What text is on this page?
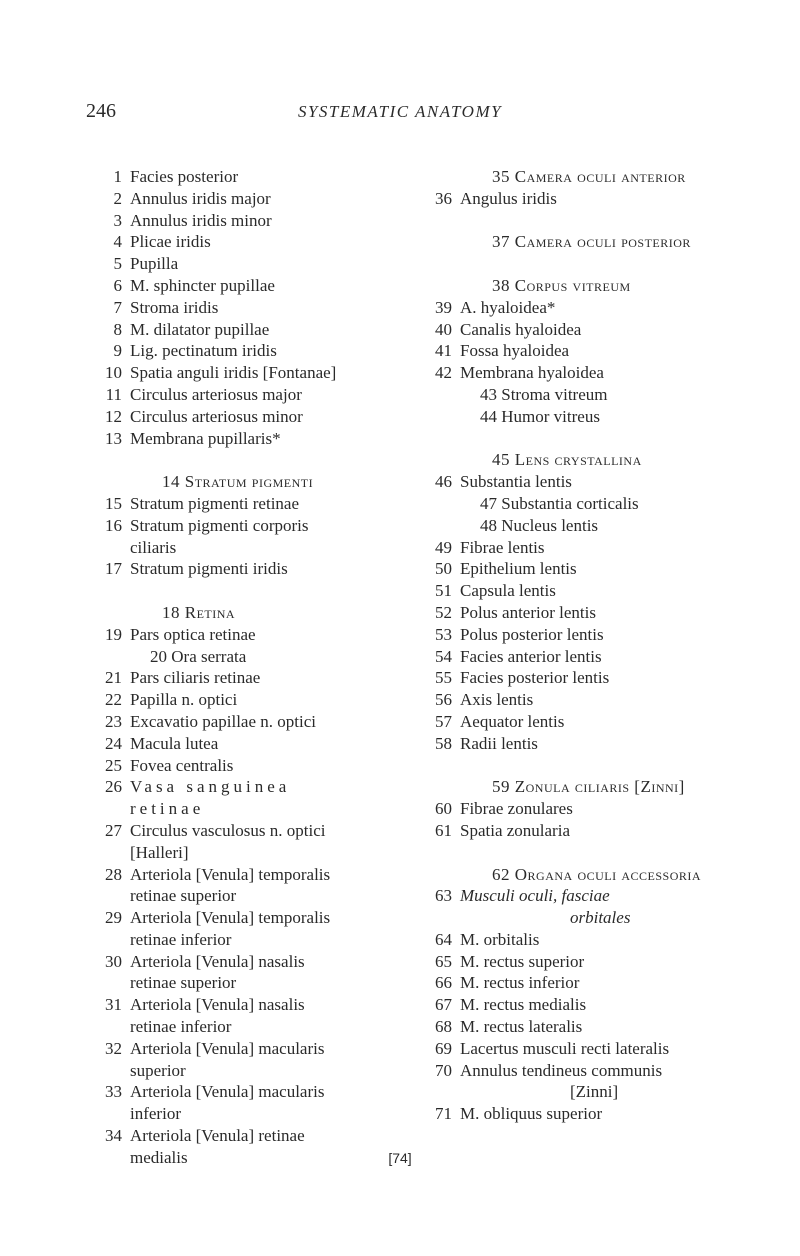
246	SYSTEMATIC ANATOMY
1 Facies posterior
2 Annulus iridis major
3 Annulus iridis minor
4 Plicae iridis
5 Pupilla
6 M. sphincter pupillae
7 Stroma iridis
8 M. dilatator pupillae
9 Lig. pectinatum iridis
10 Spatia anguli iridis [Fontanae]
11 Circulus arteriosus major
12 Circulus arteriosus minor
13 Membrana pupillaris*
14 Stratum pigmenti
15 Stratum pigmenti retinae
16 Stratum pigmenti corporis
ciliaris
17 Stratum pigmenti iridis
18 Retina
19 Pars optica retinae
20 Ora serrata
21 Pars ciliaris retinae
22 Papilla n. optici
23 Excavatio papillae n. optici
24 Macula lutea
25 Fovea centralis
26 Vasa sanguinea
retinae
27 Circulus vasculosus n. optici
[Halleri]
28 Arteriola [Venula] temporalis
retinae superior
29 Arteriola [Venula] temporalis
retinae inferior
30 Arteriola [Venula] nasalis
retinae superior
31 Arteriola [Venula] nasalis
retinae inferior
32 Arteriola [Venula] macularis
superior
33 Arteriola [Venula] macularis
inferior
34 Arteriola [Venula] retinae
medialis
35 Camera oculi anterior
36 Angulus iridis
37 Camera oculi posterior
38 Corpus vitreum
39 A. hyaloidea*
40 Canalis hyaloidea
41 Fossa hyaloidea
42 Membrana hyaloidea
43 Stroma vitreum
44 Humor vitreus
45 Lens crystallina
46 Substantia lentis
47 Substantia corticalis
48 Nucleus lentis
49 Fibrae lentis
50 Epithelium lentis
51 Capsula lentis
52 Polus anterior lentis
53 Polus posterior lentis
54 Facies anterior lentis
55 Facies posterior lentis
56 Axis lentis
57 Aequator lentis
58 Radii lentis
59 Zonula ciliaris [Zinni]
60 Fibrae zonulares
61 Spatia zonularia
62 Organa oculi accessoria
63 Musculi oculi, fasciae
orbitales
64 M. orbitalis
65 M. rectus superior
66 M. rectus inferior
67 M. rectus medialis
68 M. rectus lateralis
69 Lacertus musculi recti lateralis
70 Annulus tendineus communis
[Zinni]
71 M. obliquus superior
[74]
